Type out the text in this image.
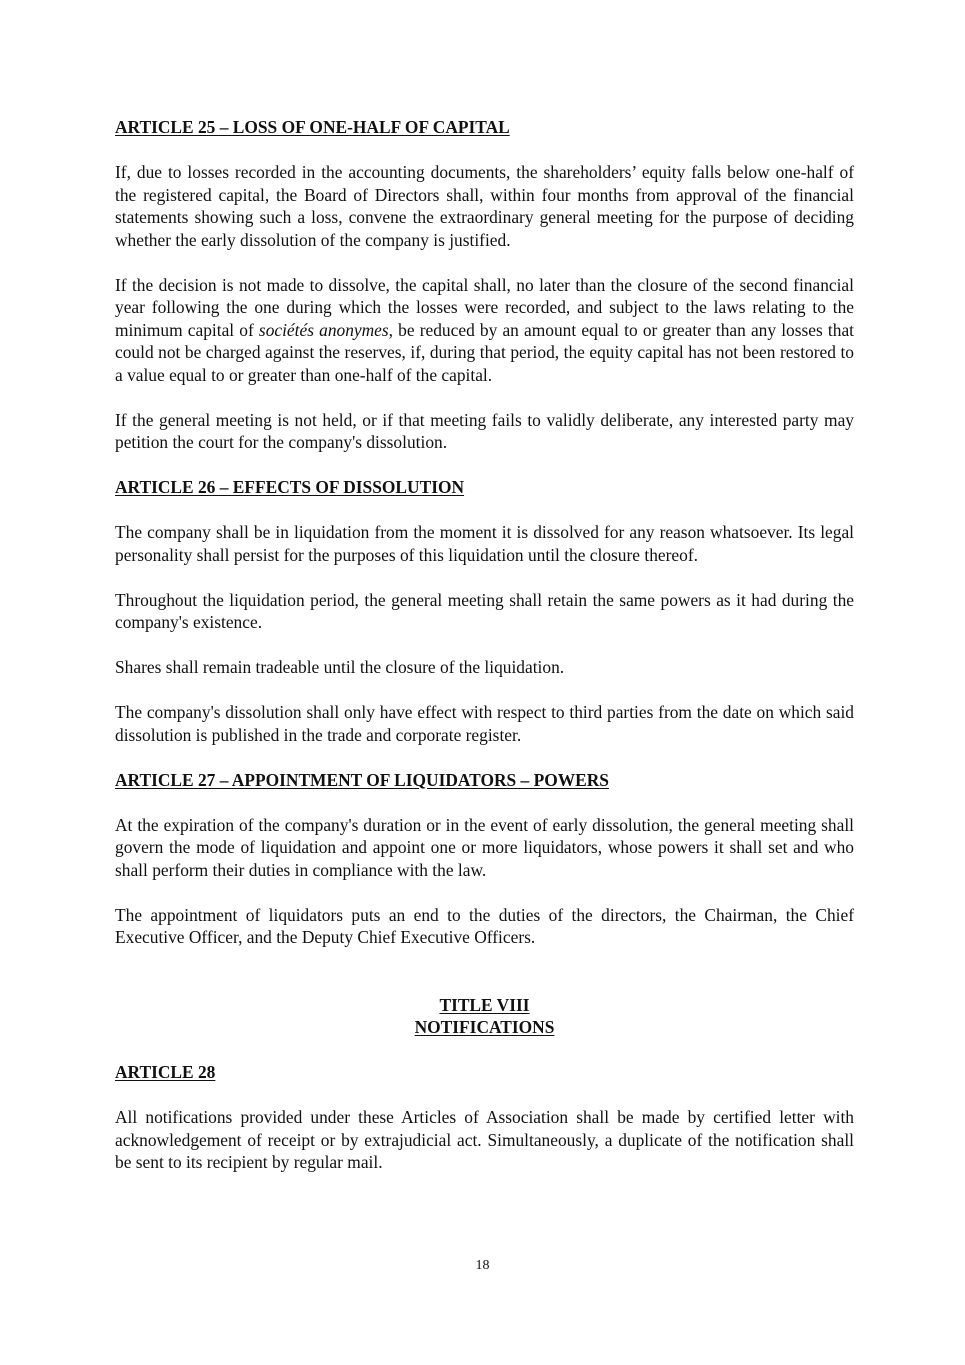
ARTICLE 25 – LOSS OF ONE-HALF OF CAPITAL

If, due to losses recorded in the accounting documents, the shareholders’ equity falls below one-half of the registered capital, the Board of Directors shall, within four months from approval of the financial statements showing such a loss, convene the extraordinary general meeting for the purpose of deciding whether the early dissolution of the company is justified.

If the decision is not made to dissolve, the capital shall, no later than the closure of the second financial year following the one during which the losses were recorded, and subject to the laws relating to the minimum capital of sociétés anonymes, be reduced by an amount equal to or greater than any losses that could not be charged against the reserves, if, during that period, the equity capital has not been restored to a value equal to or greater than one-half of the capital.

If the general meeting is not held, or if that meeting fails to validly deliberate, any interested party may petition the court for the company's dissolution.

ARTICLE 26 – EFFECTS OF DISSOLUTION

The company shall be in liquidation from the moment it is dissolved for any reason whatsoever. Its legal personality shall persist for the purposes of this liquidation until the closure thereof.

Throughout the liquidation period, the general meeting shall retain the same powers as it had during the company's existence.

Shares shall remain tradeable until the closure of the liquidation.

The company's dissolution shall only have effect with respect to third parties from the date on which said dissolution is published in the trade and corporate register.

ARTICLE 27 – APPOINTMENT OF LIQUIDATORS – POWERS

At the expiration of the company's duration or in the event of early dissolution, the general meeting shall govern the mode of liquidation and appoint one or more liquidators, whose powers it shall set and who shall perform their duties in compliance with the law.

The appointment of liquidators puts an end to the duties of the directors, the Chairman, the Chief Executive Officer, and the Deputy Chief Executive Officers.

TITLE VIII
NOTIFICATIONS
ARTICLE 28

All notifications provided under these Articles of Association shall be made by certified letter with acknowledgement of receipt or by extrajudicial act. Simultaneously, a duplicate of the notification shall be sent to its recipient by regular mail.

18
